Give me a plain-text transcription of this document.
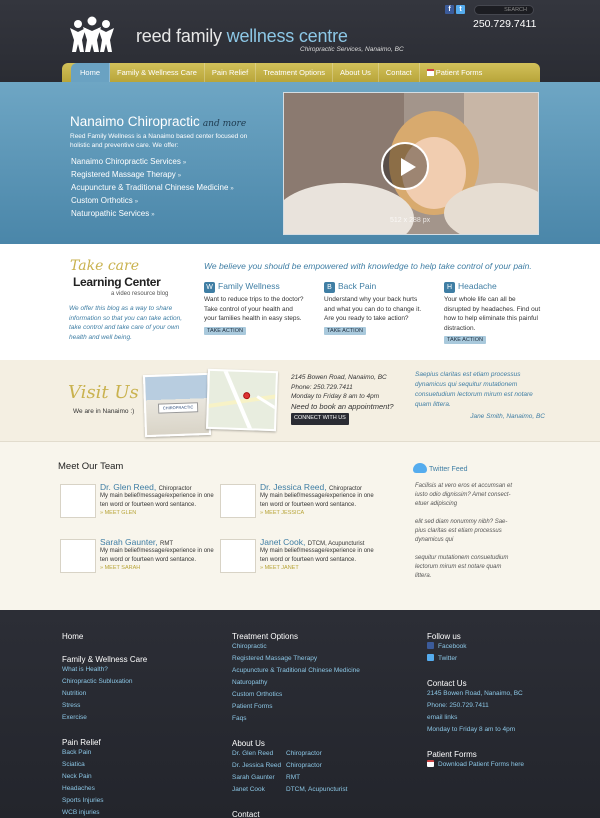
reed family wellness centre
Chiropractic Services, Nanaimo, BC
f	t	SEARCH
250.729.7411
Home	Family & Wellness Care	Pain Relief	Treatment Options	About Us	Contact	Patient Forms
Nanaimo Chiropractic and more
Reed Family Wellness is a Nanaimo based center focused on holistic and preventive care. We offer:
Nanaimo Chiropractic Services »
Registered Massage Therapy »
Acupuncture & Traditional Chinese Medicine »
Custom Orthotics »
Naturopathic Services »
512 x 288 px
Take care
Learning Center
a video resource blog
We offer this blog as a way to share information so that you can take action, take control and take care of your own health and well being.
We believe you should be empowered with knowledge to help take control of your pain.
W Family Wellness
Want to reduce trips to the doctor? Take control of your health and your families health in easy steps.
TAKE ACTION
B Back Pain
Understand why your back hurts and what you can do to change it. Are you ready to take action?
TAKE ACTION
H Headache
Your whole life can all be disrupted by headaches. Find out how to help eliminate this painful distraction.
TAKE ACTION
Visit Us
We are in Nanaimo :)
CHIROPRACTIC
2145 Bowen Road, Nanaimo, BC
Phone: 250.729.7411
Monday to Friday 8 am to 4pm
Need to book an appointment?
CONNECT WITH US
Saepius claritas est etiam processus dynamicus qui sequitur mutationem consuetudium lectorum mirum est notare quam littera.
Jane Smith, Nanaimo, BC
Meet Our Team
Dr. Glen Reed, Chiropractor
My main belief/message/experience in one ten word or fourteen word sentance.
» MEET GLEN
Dr. Jessica Reed, Chiropractor
My main belief/message/experience in one ten word or fourteen word sentance.
» MEET JESSICA
Sarah Gaunter, RMT
My main belief/message/experience in one ten word or fourteen word sentance.
» MEET SARAH
Janet Cook, DTCM, Acupuncturist
My main belief/message/experience in one ten word or fourteen word sentance.
» MEET JANET
Twitter Feed
Facilisis at vero eros et accumsan et iusto odio dignissim? Amet consect-etuer adipiscing
elit sed diam nonummy nibh? Sae-pius claritas est etiam processus dynamicus qui
sequitur mutationem consuetudium lectorum mirum est notare quam littera.
Home
Family & Wellness Care
What is Health?
Chiropractic Subluxation
Nutrition
Stress
Exercise
Pain Relief
Back Pain
Sciatica
Neck Pain
Headaches
Sports Injuries
WCB injuries
Treatment Options
Chiropractic
Registered Massage Therapy
Acupuncture & Traditional Chinese Medicine
Naturopathy
Custom Orthotics
Patient Forms
Faqs
About Us
Dr. Glen Reed	Chiropractor
Dr. Jessica Reed Chiropractor
Sarah Gaunter	RMT
Janet Cook	DTCM, Acupuncturist
Contact
Follow us
Facebook
Twitter
Contact Us
2145 Bowen Road, Nanaimo, BC
Phone: 250.729.7411
email links
Monday to Friday 8 am to 4pm
Patient Forms
Download Patient Forms here
